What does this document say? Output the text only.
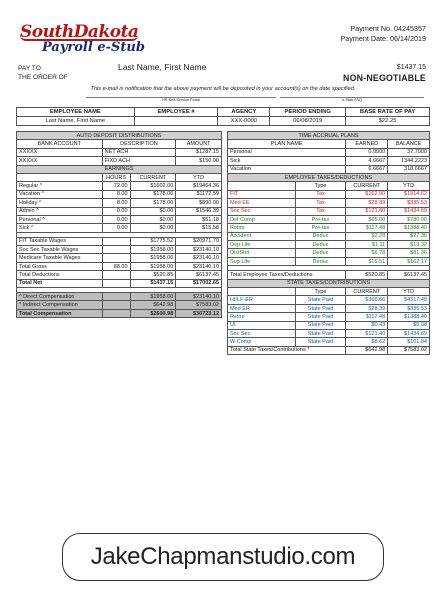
SouthDakota
Payroll e-Stub
Payment No. 04245357
Payment Date: 06/14/2019
PAY TO
THE ORDER OF
Last Name, First Name	$1437.15
NON-NEGOTIABLE
This e-mail is notification that the above payment will be deposited in your account(s) on the date specified.
HR Self-Service Portal	e-Stub FAQ
EMPLOYEE NAME	EMPLOYEE #	AGENCY	PERIOD ENDING	BASE RATE OF PAY
Last Name, First Name		XXX-0000	06/08/2019	$22.25
AUTO DEPOSIT DISTRIBUTIONS			
BANK ACCOUNT	DESCRIPTION		AMOUNT
XXXXX	NET ACH		$1287.15
XXXXX	FIXD ACH		$150.00
EARNINGS			
	HOURS	CURRENT	YTD
Regular ^	72.00	$1602.00	$19464.36
Vacation ^	8.00	$178.00	$1172.59
Holiday ^	8.00	$178.00	$890.00
Admin ^	0.00	$0.00	$1546.39
Personal ^	0.00	$0.00	$51.18
Sick ^	0.00	$0.00	$15.58

FIT Taxable Wages		$1775.52	$20971.70
Soc Sec Taxable Wages		$1958.00	$23140.10
Medicare Taxable Wages		$1958.00	$23140.10
Total Gross	88.00	$1958.00	$23140.10
Total Deductions		$520.85	$6137.45
Total Net		$1437.15	$17002.65

^ Direct Compensation		$1958.00	$23140.10
* Indirect Compensation		$642.98	$7583.02
Total Compensation		$2600.98	$30723.12
TIME ACCRUAL PLANS			
PLAN NAME		EARNED	BALANCE
Personal		0.0000	37.7000
Sick		4.6667	1344.2223
Vacation		6.6667	318.6667
EMPLOYEE TAXES/DEDUCTIONS			
	Type	CURRENT	YTD
FIT	Tax	$162.90	$1914.62
Med EE	Tax	$28.39	$335.53
Soc Sec	Tax	$121.40	$1434.69
Def Comp	Pre-tax	$65.00	$780.00
Retire	Pre-tax	$117.48	$1388.40
Accident	Deduc	$2.28	$27.36
Dep Life	Deduc	$1.11	$13.32
DistShrt	Deduc	$6.78	$81.36
Sup Life	Deduc	$15.51	$162.17

Total Employee Taxes/Deductions		$520.85	$6137.45
STATE TAXES/CONTRIBUTIONS			
	Type	CURRENT	YTD
HI/LF-ER	State Paid	$366.66	$4317.48
Med ER	State Paid	$28.39	$335.53
Retire	State Paid	$117.48	$1388.40
UI	State Paid	$0.43	$5.08
Soc Sec	State Paid	$121.40	$1434.69
W Comp	State Paid	$8.62	$101.84
Total State Taxes/Contributions *		$642.98	$7583.02
JakeChapmanstudio.com
